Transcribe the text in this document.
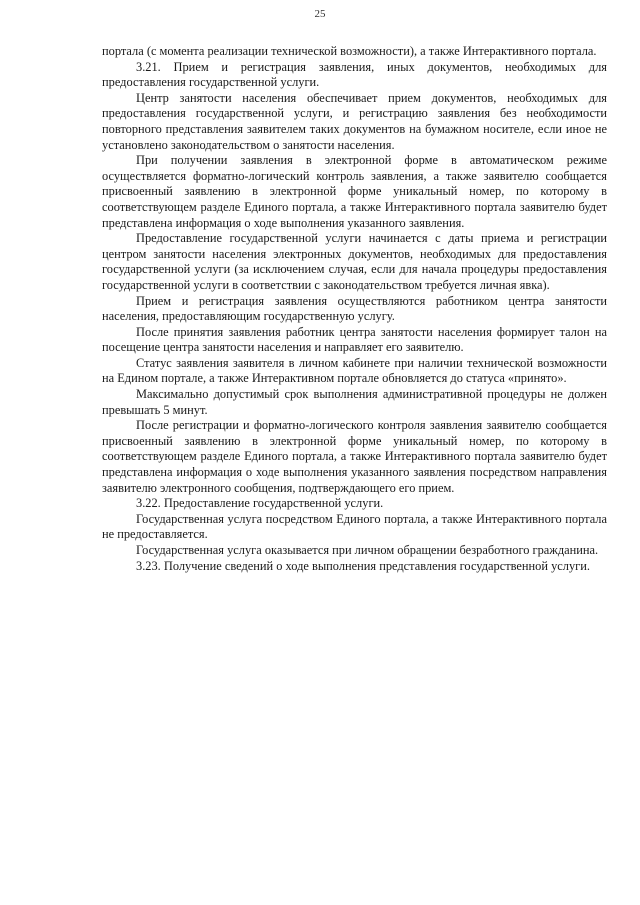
25

портала (с момента реализации технической возможности), а также Интерактивного портала.

3.21. Прием и регистрация заявления, иных документов, необходимых для предоставления государственной услуги.

Центр занятости населения обеспечивает прием документов, необходимых для предоставления государственной услуги, и регистрацию заявления без необходимости повторного представления заявителем таких документов на бумажном носителе, если иное не установлено законодательством о занятости населения.

При получении заявления в электронной форме в автоматическом режиме осуществляется форматно-логический контроль заявления, а также заявителю сообщается присвоенный заявлению в электронной форме уникальный номер, по которому в соответствующем разделе Единого портала, а также Интерактивного портала заявителю будет представлена информация о ходе выполнения указанного заявления.

Предоставление государственной услуги начинается с даты приема и регистрации центром занятости населения электронных документов, необходимых для предоставления государственной услуги (за исключением случая, если для начала процедуры предоставления государственной услуги в соответствии с законодательством требуется личная явка).

Прием и регистрация заявления осуществляются работником центра занятости населения, предоставляющим государственную услугу.

После принятия заявления работник центра занятости населения формирует талон на посещение центра занятости населения и направляет его заявителю.

Статус заявления заявителя в личном кабинете при наличии технической возможности на Едином портале, а также Интерактивном портале обновляется до статуса «принято».

Максимально допустимый срок выполнения административной процедуры не должен превышать 5 минут.

После регистрации и форматно-логического контроля заявления заявителю сообщается присвоенный заявлению в электронной форме уникальный номер, по которому в соответствующем разделе Единого портала, а также Интерактивного портала заявителю будет представлена информация о ходе выполнения указанного заявления посредством направления заявителю электронного сообщения, подтверждающего его прием.

3.22. Предоставление государственной услуги.

Государственная услуга посредством Единого портала, а также Интерактивного портала не предоставляется.

Государственная услуга оказывается при личном обращении безработного гражданина.

3.23. Получение сведений о ходе выполнения представления государственной услуги.
